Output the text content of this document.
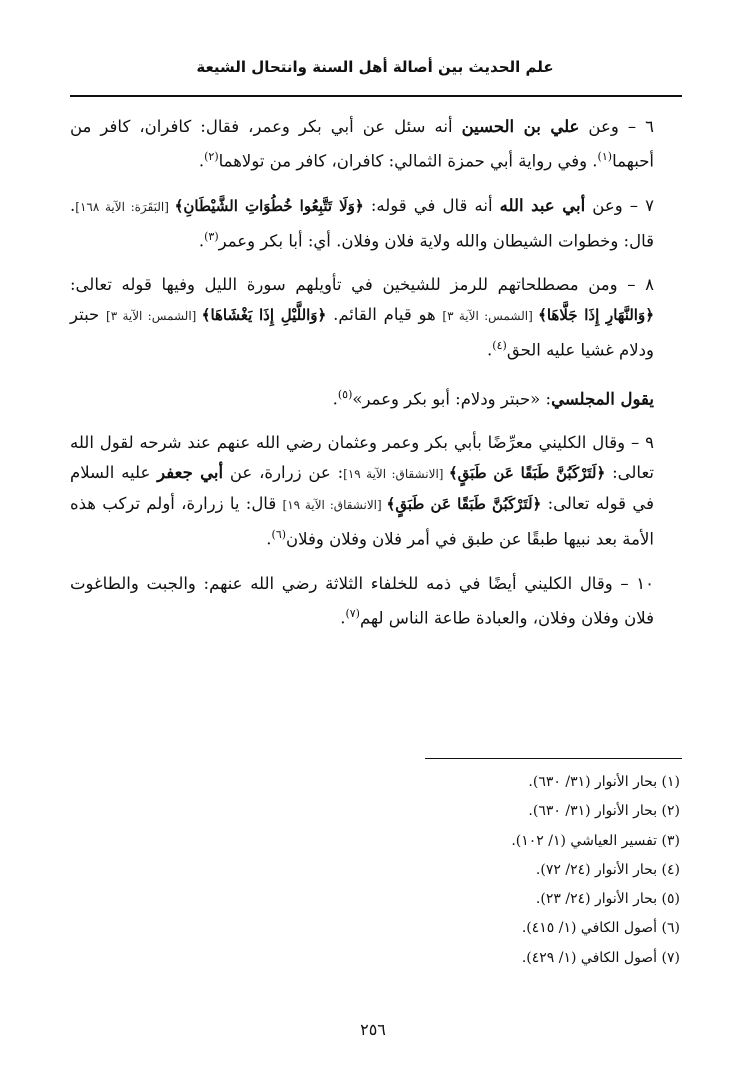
علم الحديث بين أصالة أهل السنة وانتحال الشيعة

٦ – وعن علي بن الحسين أنه سئل عن أبي بكر وعمر، فقال: كافران، كافر من أحبهما$^{(١)}$. وفي رواية أبي حمزة الثمالي: كافران، كافر من تولاهما$^{(٢)}$.

٧ – وعن أبي عبد الله أنه قال في قوله: ﴿وَلَا تَتَّبِعُوا خُطُوَاتِ الشَّيْطَانِ﴾ [البَقَرَة: الآية ١٦٨]. قال: وخطوات الشيطان والله ولاية فلان وفلان. أي: أبا بكر وعمر$^{(٣)}$.

٨ – ومن مصطلحاتهم للرمز للشيخين في تأويلهم سورة الليل وفيها قوله تعالى: ﴿وَالنَّهَارِ إِذَا جَلَّاهَا﴾ [الشمس: الآية ٣] هو قيام القائم. ﴿وَاللَّيْلِ إِذَا يَغْشَاهَا﴾ [الشمس: الآية ٣] حبتر ودلام غشيا عليه الحق$^{(٤)}$.

يقول المجلسي: «حبتر ودلام: أبو بكر وعمر»$^{(٥)}$.

٩ – وقال الكليني معرِّضًا بأبي بكر وعمر وعثمان رضي الله عنهم عند شرحه لقول الله تعالى: ﴿لَتَرْكَبُنَّ طَبَقًا عَن طَبَقٍ﴾ [الانشقاق: الآية ١٩]: عن زرارة، عن أبي جعفر عليه السلام في قوله تعالى: ﴿لَتَرْكَبُنَّ طَبَقًا عَن طَبَقٍ﴾ [الانشقاق: الآية ١٩] قال: يا زرارة، أولم تركب هذه الأمة بعد نبيها طبقًا عن طبق في أمر فلان وفلان وفلان$^{(٦)}$.

١٠ – وقال الكليني أيضًا في ذمه للخلفاء الثلاثة رضي الله عنهم: والجبت والطاغوت فلان وفلان وفلان، والعبادة طاعة الناس لهم$^{(٧)}$.

(١) بحار الأنوار (٣١/ ٦٣٠).

(٢) بحار الأنوار (٣١/ ٦٣٠).

(٣) تفسير العياشي (١/ ١٠٢).

(٤) بحار الأنوار (٢٤/ ٧٢).

(٥) بحار الأنوار (٢٤/ ٢٣).

(٦) أصول الكافي (١/ ٤١٥).

(٧) أصول الكافي (١/ ٤٢٩).

٢٥٦
